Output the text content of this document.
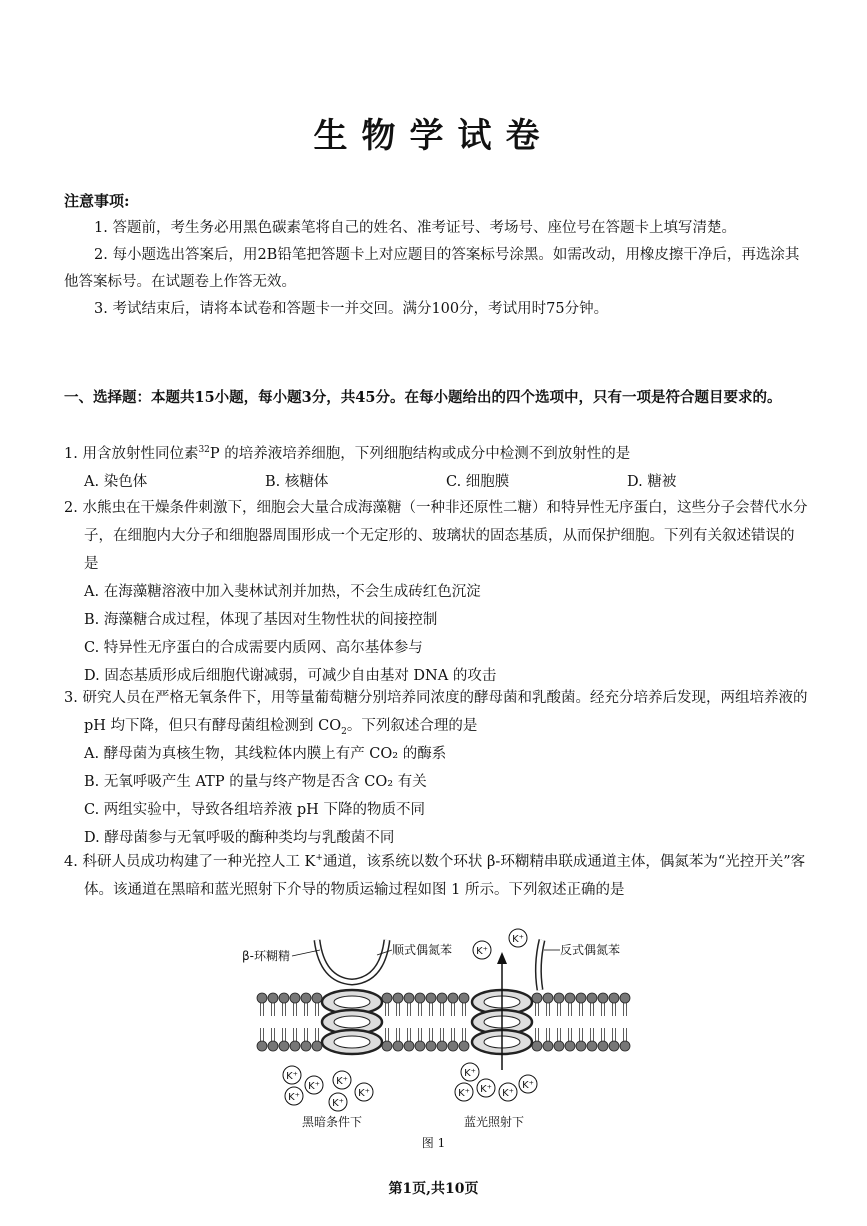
生物学试卷
注意事项:

1. 答题前，考生务必用黑色碳素笔将自己的姓名、准考证号、考场号、座位号在答题卡上填写清楚。

2. 每小题选出答案后，用2B铅笔把答题卡上对应题目的答案标号涂黑。如需改动，用橡皮擦干净后，再选涂其他答案标号。在试题卷上作答无效。

3. 考试结束后，请将本试卷和答题卡一并交回。满分100分，考试用时75分钟。

一、选择题：本题共15小题，每小题3分，共45分。在每小题给出的四个选项中，只有一项是符合题目要求的。

1. 用含放射性同位素$^{32}$P 的培养液培养细胞，下列细胞结构或成分中检测不到放射性的是

A. 染色体	B. 核糖体	C. 细胞膜	D. 糖被

2. 水熊虫在干燥条件刺激下，细胞会大量合成海藻糖（一种非还原性二糖）和特异性无序蛋白，这些分子会替代水分子，在细胞内大分子和细胞器周围形成一个无定形的、玻璃状的固态基质，从而保护细胞。下列有关叙述错误的是

A. 在海藻糖溶液中加入斐林试剂并加热，不会生成砖红色沉淀

B. 海藻糖合成过程，体现了基因对生物性状的间接控制

C. 特异性无序蛋白的合成需要内质网、高尔基体参与

D. 固态基质形成后细胞代谢减弱，可减少自由基对 DNA 的攻击

3. 研究人员在严格无氧条件下，用等量葡萄糖分别培养同浓度的酵母菌和乳酸菌。经充分培养后发现，两组培养液的 pH 均下降，但只有酵母菌组检测到 $CO_2$。下列叙述合理的是

A. 酵母菌为真核生物，其线粒体内膜上有产 CO₂ 的酶系

B. 无氧呼吸产生 ATP 的量与终产物是否含 CO₂ 有关

C. 两组实验中，导致各组培养液 pH 下降的物质不同

D. 酵母菌参与无氧呼吸的酶种类均与乳酸菌不同

4. 科研人员成功构建了一种光控人工 K+通道，该系统以数个环状 β-环糊精串联成通道主体，偶氮苯为“光控开关”客体。该通道在黑暗和蓝光照射下介导的物质运输过程如图 1 所示。下列叙述正确的是

K⁺
β-环糊精	顺式偶氮苯	反式偶氮苯
黑暗条件下	蓝光照射下
图 1
第1页,共10页
